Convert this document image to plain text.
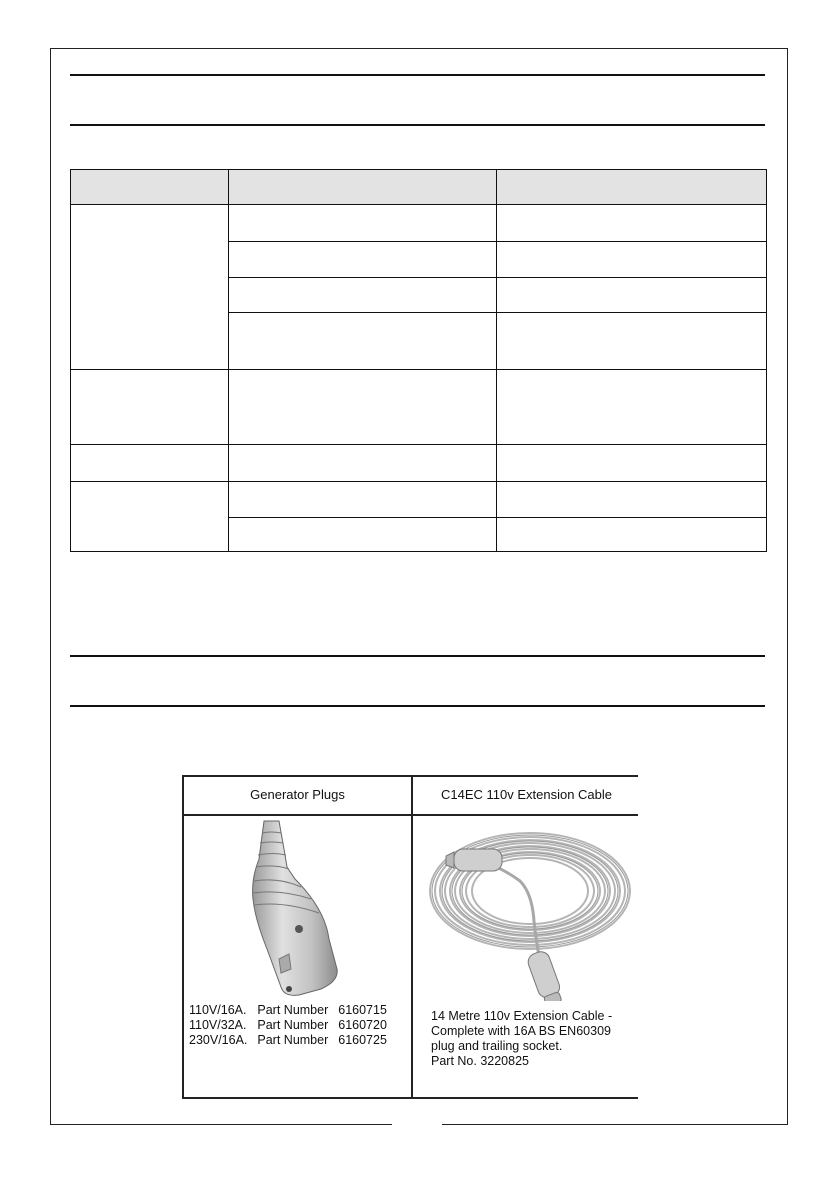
Generator Plugs	C14EC 110v Extension Cable
110V/16A.	Part Number	6160715
110V/32A.	Part Number	6160720
230V/16A.	Part Number	6160725
14 Metre 110v Extension Cable -
Complete with 16A BS EN60309
plug and trailing socket.
Part No. 3220825
